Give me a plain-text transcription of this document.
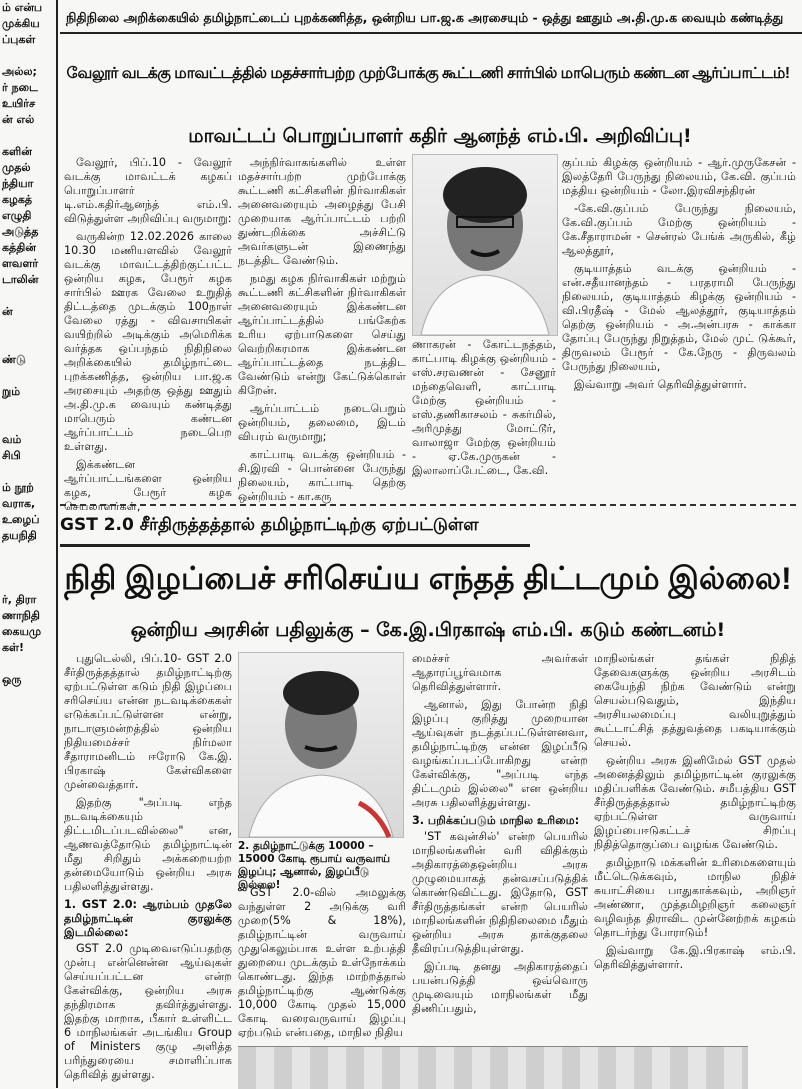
ம் என்ப
முக்கிய
ப்புகள்

அல்ல;
ர் நடை
உயிர்ச
ன் எல்

களின்
முதல்
ந்தியா
கழகத்
எழுதி
அடுத்த
கத்தின்
ளவளர்
டாலின்

ன்

ண்டு

றும்

வம்
சிபி

ம் நூற்
வராக,
உழைப்
தயநிதி

ர், திரா
ணாநிதி
கையமு
கள்!

ஒரு
நிதிநிலை அறிக்கையில் தமிழ்நாட்டைப் புறக்கணித்த, ஒன்றிய பா.ஜ.க அரசையும் - ஒத்து ஊதும் அ.தி.மு.க வையும் கண்டித்து
வேலூர் வடக்கு மாவட்டத்தில் மதச்சார்பற்ற முற்போக்கு கூட்டணி சார்பில் மாபெரும் கண்டன ஆர்ப்பாட்டம்!
மாவட்டப் பொறுப்பாளர் கதிர் ஆனந்த் எம்.பி. அறிவிப்பு!

வேலூர், பிப்.10 - வேலூர் வடக்கு மாவட்டக் கழகப் பொறுப்பாளர் டி.எம்.கதிர்ஆனந்த் எம்.பி. விடுத்துள்ள அறிவிப்பு வருமாறு:

வருகின்ற 12.02.2026 காலை 10.30 மணியளவில் வேலூர் வடக்கு மாவட்டத்திற்குட்பட்ட ஒன்றிய கழக, பேரூர் கழக சார்பில் ஊரக வேலை உறுதித் திட்டத்தை முடக்கும் 100நாள் வேலை ரத்து - விவசாயிகள் வயிற்றில் அடிக்கும் அமெரிக்க வர்த்தக ஒப்பந்தம் நிதிநிலை அறிக்கையில் தமிழ்நாட்டை புறக்கணித்த, ஒன்றிய பா.ஜ.க அரசையும் அதற்கு ஒத்து ஊதும் அ.தி.மு.க வையும் கண்டித்து மாபெரும் கண்டன ஆர்ப்பாட்டம் நடைபெற உள்ளது.

இக்கண்டன ஆர்ப்பாட்டங்களை ஒன்றிய கழக, பேரூர் கழக செயலாளர்கள்,

அந்நிர்வாகங்களில் உள்ள மதச்சார்பற்ற முற்போக்கு கூட்டணி கட்சிகளின் நிர்வாகிகள் அனைவரையும் அழைத்து பேசி முறையாக ஆர்ப்பாட்டம் பற்றி துண்டறிக்கை அச்சிட்டு அவர்களுடன் இணைந்து நடத்திட வேண்டும்.

நமது கழக நிர்வாகிகள் மற்றும் கூட்டணி கட்சிகளின் நிர்வாகிகள் அனைவரையும் இக்கண்டன ஆர்ப்பாட்டத்தில் பங்கேற்க உரிய ஏற்பாடுகளை செய்து வெற்றிகரமாக இக்கண்டன ஆர்ப்பாட்டத்தை நடத்திட வேண்டும் என்று கேட்டுக்கொள் கிறேன்.

ஆர்ப்பாட்டம் நடைபெறும் ஒன்றியம், தலைமை, இடம் விபரம் வருமாறு;

காட்பாடி வடக்கு ஒன்றியம் - சி.இரவி - பொன்னை பேருந்து நிலையம், காட்பாடி தெற்கு ஒன்றியம் - கா.கரு

ணாகரன் - கோட்டநத்தம், காட்பாடி கிழக்கு ஒன்றியம் - எஸ்.சரவணன் - சேனூர் மந்தைவெளி, காட்பாடி மேற்கு ஒன்றியம் - எஸ்.தணிகாசலம் - சுகர்மில், அரிமுத்து மோட்டூர், வாலாஜா மேற்கு ஒன்றியம் - ஏ.கே.முருகன் - இலாலாப்பேட்டை, கே.வி.

குப்பம் கிழக்கு ஒன்றியம் - ஆர்.முருகேசன் - இலத்தேரி பேருந்து நிலையம், கே.வி. குப்பம் மத்திய ஒன்றியம் - லோ.இரவிசந்திரன்

-கே.வி.குப்பம் பேருந்து நிலையம், கே.வி.குப்பம் மேற்கு ஒன்றியம் - கே.சீதாராமன் - சென்ரல் பேங்க் அருகில், கீழ் ஆலத்தூர்,

குடியாத்தம் வடக்கு ஒன்றியம் - என்.சதீயானந்தம் - பரதராமி பேருந்து நிலையம், குடியாத்தம் கிழக்கு ஒன்றியம் - வி.பிரதீஷ் - மேல் ஆலத்தூர், குடியாத்தம் தெற்கு ஒன்றியம் - அ.அன்பரசு - காக்கா தோப்பு பேருந்து நிறுத்தம், மேல் முட் டுக்கூர், திருவலம் பேரூர் - கே.நேரு - திருவலம் பேருந்து நிலையம்,

இவ்வாறு அவர் தெரிவித்துள்ளார்.

GST 2.0 சீர்திருத்தத்தால் தமிழ்நாட்டிற்கு ஏற்பட்டுள்ள
நிதி இழப்பைச் சரிசெய்ய எந்தத் திட்டமும் இல்லை!
ஒன்றிய அரசின் பதிலுக்கு – கே.இ.பிரகாஷ் எம்.பி. கடும் கண்டனம்!

புதுடெல்லி, பிப்.10- GST 2.0 சீர்திருத்தத்தால் தமிழ்நாட்டிற்கு ஏற்பட்டுள்ள கடும் நிதி இழப்பை சரிசெய்ய என்ன நடவடிக்கைகள் எடுக்கப்பட்டுள்ளன என்று, நாடாளுமன்றத்தில் ஒன்றிய நிதியமைச்சர் நிர்மலா சீதாராமனிடம் ஈரோடு கே.இ. பிரகாஷ் கேள்விகளை முன்வைத்தார்.

இதற்கு "அப்படி எந்த நடவடிக்கையும் திட்டமிடப்படவில்லை" என, ஆணவத்தோடும் தமிழ்நாட்டின் மீது சிறிதும் அக்கறையற்ற தன்மையோடும் ஒன்றிய அரசு பதிலளித்துள்ளது.

1. GST 2.0: ஆரம்பம் முதலே தமிழ்நாட்டின் குரலுக்கு இடமில்லை:

GST 2.0 முடிவைஎடுப்பதற்கு முன்பு என்னென்ன ஆய்வுகள் செய்யப்பட்டன என்ற கேள்விக்கு, ஒன்றிய அரசு தந்திரமாக தவிர்த்துள்ளது. இதற்கு மாறாக, பீகார் உள்ளிட்ட 6 மாநிலங்கள் அடங்கிய Group of Ministers குழு அளித்த பரிந்துரையை சமாளிப்பாக தெரிவித் துள்ளது.

2. தமிழ்நாட்டுக்கு 10000 – 15000 கோடி ரூபாய் வருவாய் இழப்பு; ஆனால், இழப்பீடு இல்லை!

GST 2.0-வில் அமலுக்கு வந்துள்ள 2 அடுக்கு வரி முறை(5% & 18%), தமிழ்நாட்டின் வருவாய் முதுகெலும்பாக உள்ள உற்பத்தி துறையை முடக்கும் உள்நோக்கம் கொண்டது. இந்த மாற்றத்தால் தமிழ்நாட்டிற்கு ஆண்டுக்கு 10,000 கோடி முதல் 15,000 கோடி வரைவருவாய் இழப்பு ஏற்படும் என்பதை, மாநில நிதிய

மைச்சர் அவர்கள் ஆதாரப்பூர்வமாக தெரிவித்துள்ளார்.

ஆனால், இது போன்ற நிதி இழப்பு குறித்து முறையான ஆய்வுகள் நடத்தப்பட்டுள்ளனவா, தமிழ்நாட்டிற்கு என்ன இழப்பீடு வழங்கப்படப்போகிறது என்ற கேள்விக்கு, "அப்படி எந்த திட்டமும் இல்லை" என ஒன்றிய அரசு பதிலளித்துள்ளது.

3. பறிக்கப்படும் மாநில உரிமை:

'ST கவுன்சில்' என்ற பெயரில் மாநிலங்களின் வரி விதிக்கும் அதிகாரத்தைஒன்றிய அரசு முழுமையாகத் தன்வசப்படுத்திக் கொண்டுவிட்டது. இதோடு, GST சீர்திருத்தங்கள் என்ற பெயரில் மாநிலங்களின் நிதிநிலைமை மீதும் ஒன்றிய அரசு தாக்குதலை தீவிரப்படுத்தியுள்ளது.

இப்படி தனது அதிகாரத்தைப் பயன்படுத்தி ஒவ்வொரு முடிவையும் மாநிலங்கள் மீது திணிப்பதும்,

மாநிலங்கள் தங்கள் நிதித் தேவைகளுக்கு ஒன்றிய அரசிடம் கையேந்தி நிற்க வேண்டும் என்று செயல்படுவதும், இந்திய அரசியலமைப்பு வலியுறுத்தும் கூட்டாட்சித் தத்துவத்தை பகடியாக்கும் செயல்.

ஒன்றிய அரசு இனிமேல் GST முதல் அனைத்திலும் தமிழ்நாட்டின் குரலுக்கு மதிப்பளிக்க வேண்டும். சமீபத்திய GST சீர்திருத்தத்தால் தமிழ்நாட்டிற்கு ஏற்பட்டுள்ள வருவாய் இழப்பைஈடுகட்டச் சிறப்பு நிதித்தொகுப்பை வழங்க வேண்டும்.

தமிழ்நாடு மக்களின் உரிமைகளையும் மீட்டெடுக்கவும், மாநில நிதிச் சுயாட்சியை பாதுகாக்கவும், அறிஞர் அண்ணா, முத்தமிழறிஞர் கலைஞர் வழிவந்த திராவிட முன்னேற்றக் கழகம் தொடர்ந்து போராடும்!

இவ்வாறு கே.இ.பிரகாஷ் எம்.பி. தெரிவித்துள்ளார்.
